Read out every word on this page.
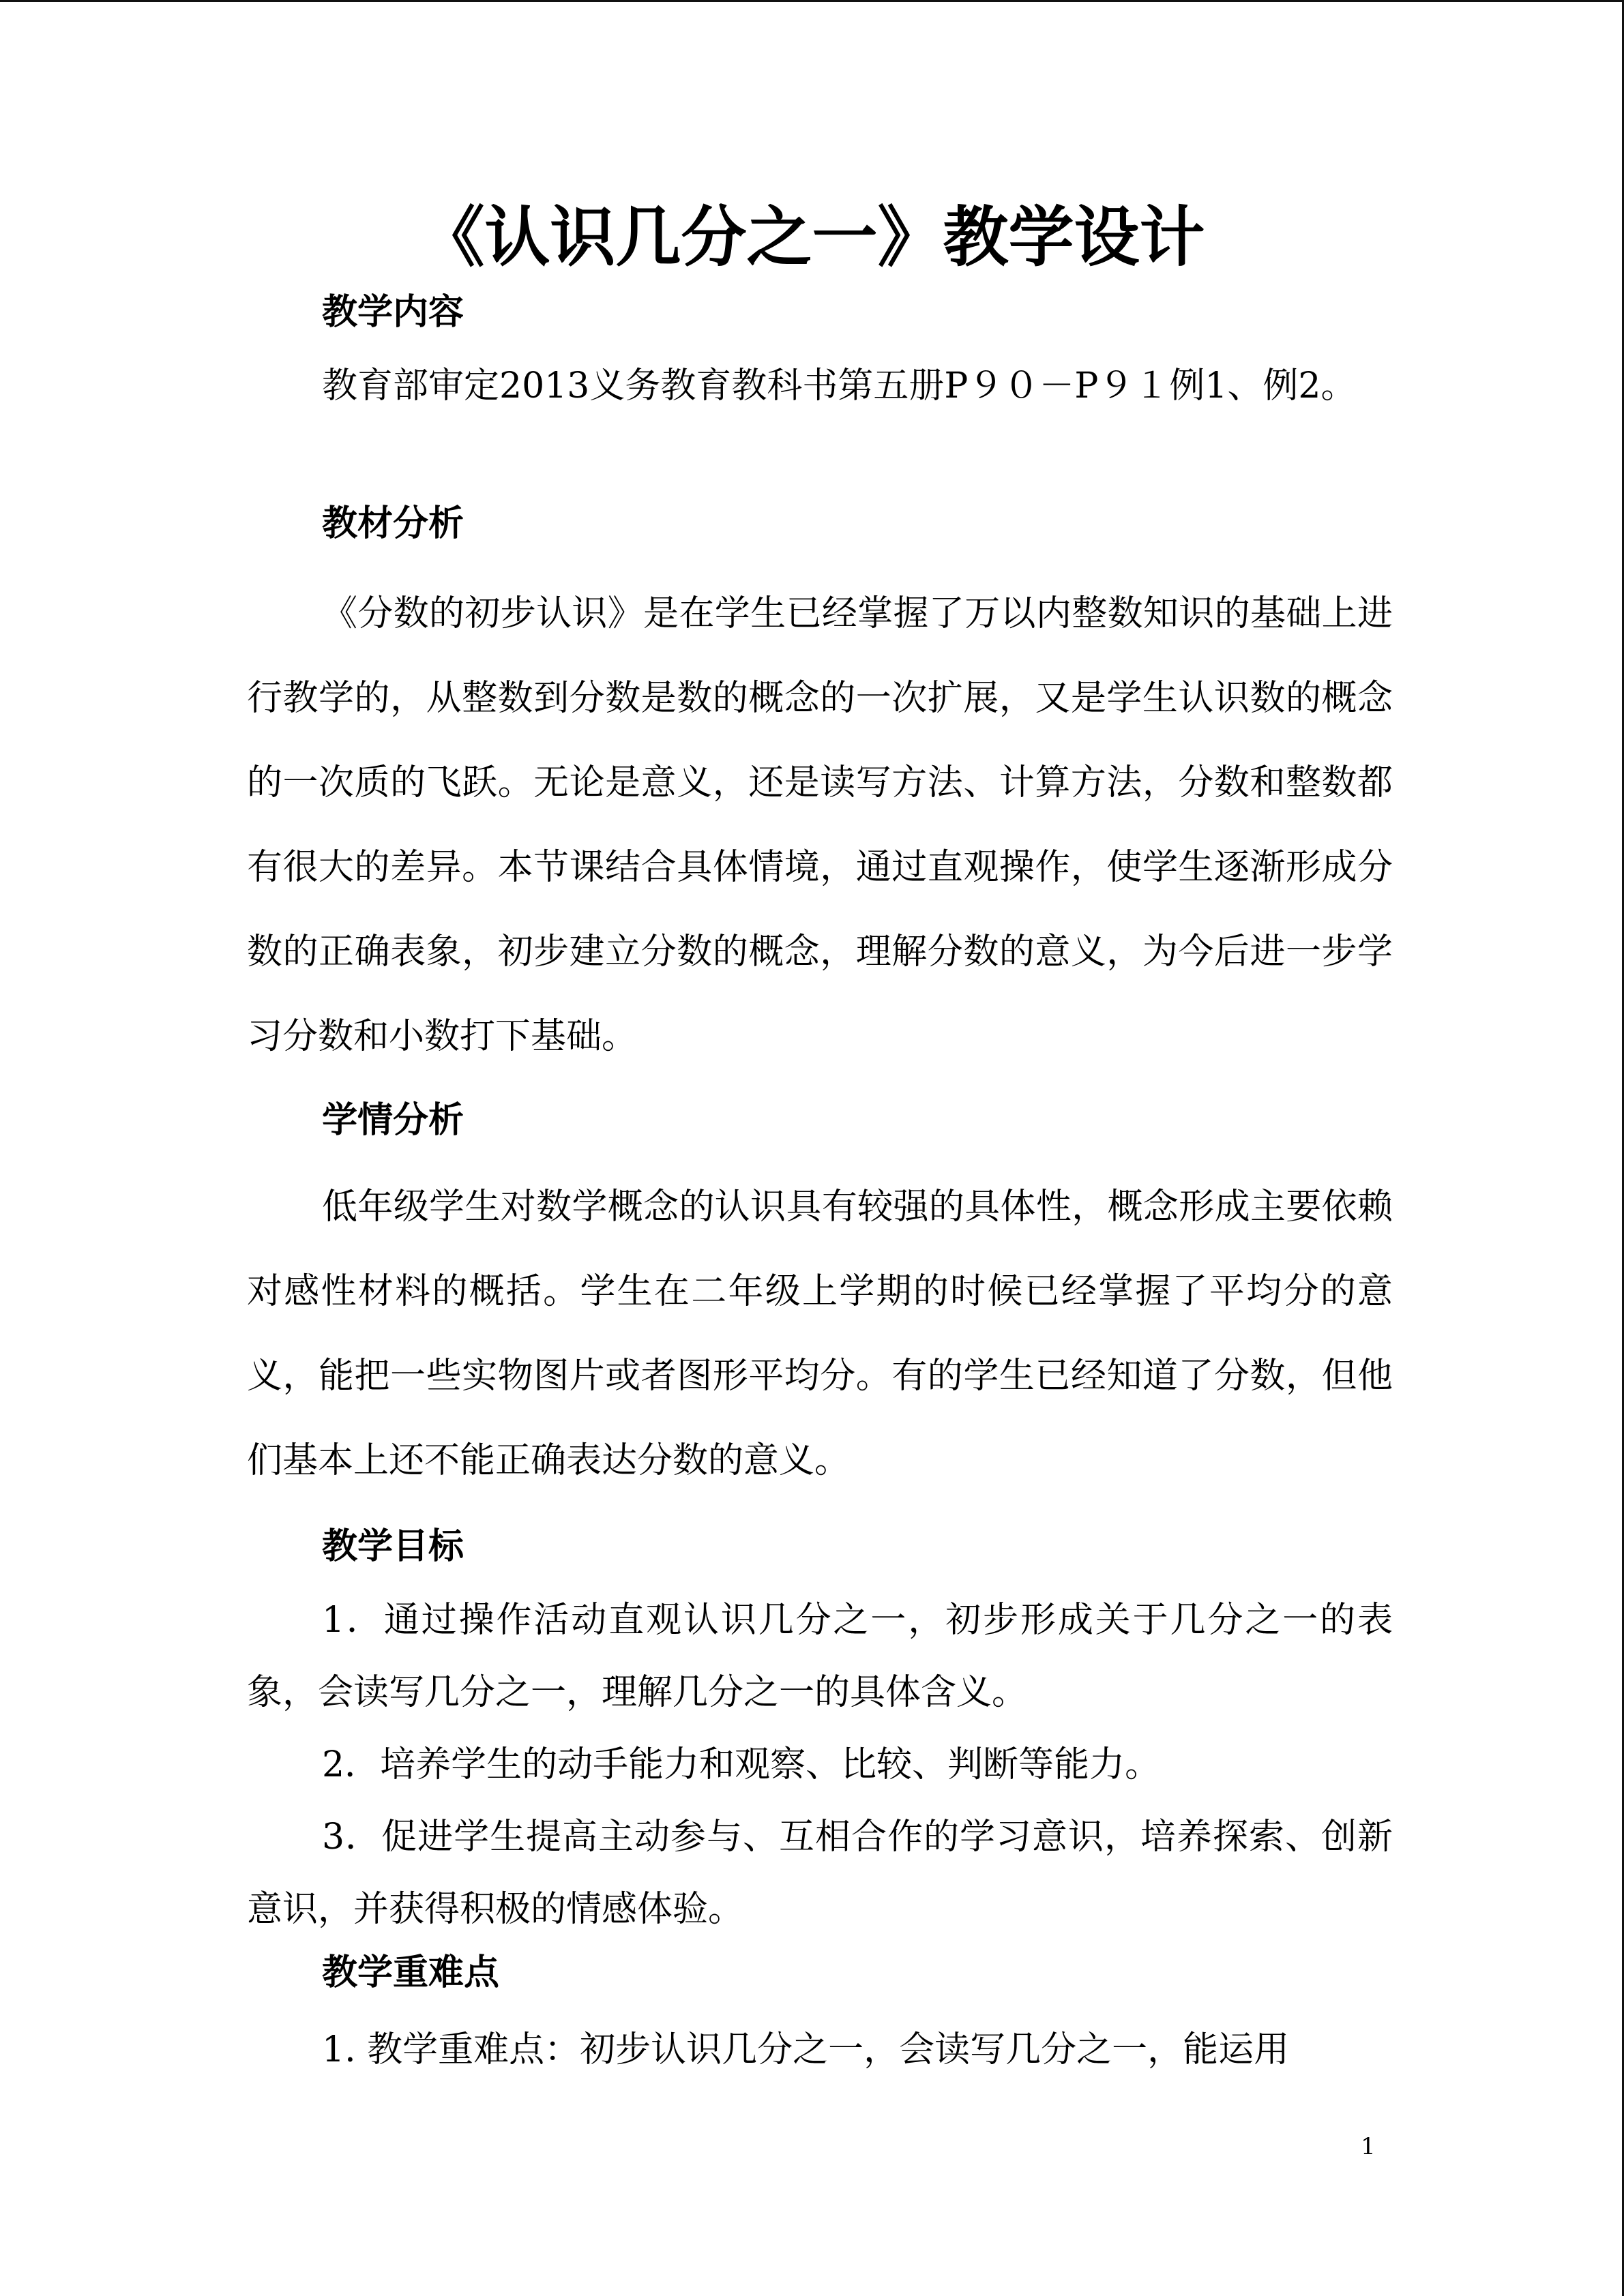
《认识几分之一》教学设计
教学内容

教育部审定2013义务教育教科书第五册P９０－P９１例1、例2。

教材分析

《分数的初步认识》是在学生已经掌握了万以内整数知识的基础上进行教学的，从整数到分数是数的概念的一次扩展，又是学生认识数的概念的一次质的飞跃。无论是意义，还是读写方法、计算方法，分数和整数都有很大的差异。本节课结合具体情境，通过直观操作，使学生逐渐形成分数的正确表象，初步建立分数的概念，理解分数的意义，为今后进一步学习分数和小数打下基础。

学情分析

低年级学生对数学概念的认识具有较强的具体性，概念形成主要依赖对感性材料的概括。学生在二年级上学期的时候已经掌握了平均分的意义，能把一些实物图片或者图形平均分。有的学生已经知道了分数，但他们基本上还不能正确表达分数的意义。

教学目标

1．通过操作活动直观认识几分之一，初步形成关于几分之一的表象，会读写几分之一，理解几分之一的具体含义。

2．培养学生的动手能力和观察、比较、判断等能力。

3．促进学生提高主动参与、互相合作的学习意识，培养探索、创新意识，并获得积极的情感体验。

教学重难点

1. 教学重难点：初步认识几分之一，会读写几分之一，能运用

1
